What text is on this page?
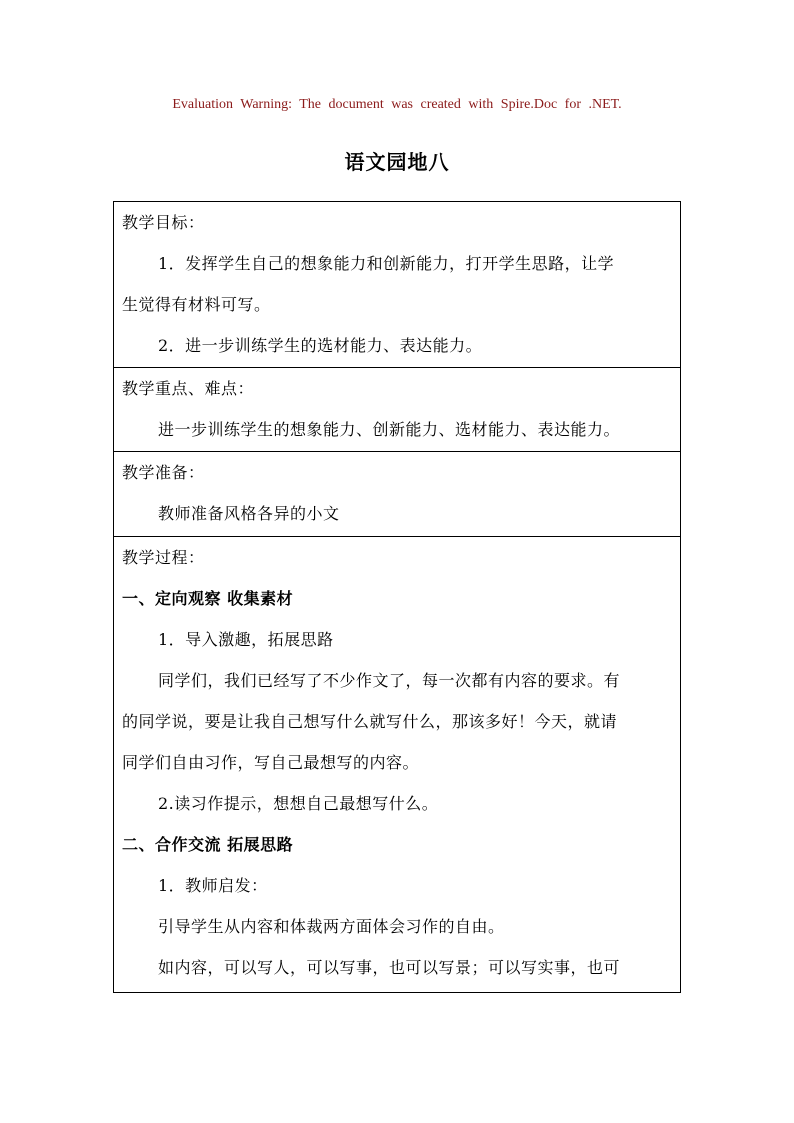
Evaluation Warning: The document was created with Spire.Doc for .NET.
语文园地八
教学目标：
1．发挥学生自己的想象能力和创新能力，打开学生思路，让学
生觉得有材料可写。
2．进一步训练学生的选材能力、表达能力。
教学重点、难点：
进一步训练学生的想象能力、创新能力、选材能力、表达能力。
教学准备：
教师准备风格各异的小文
教学过程：
一、定向观察 收集素材
1．导入激趣，拓展思路
同学们，我们已经写了不少作文了，每一次都有内容的要求。有
的同学说，要是让我自己想写什么就写什么，那该多好！今天，就请
同学们自由习作，写自己最想写的内容。
2.读习作提示，想想自己最想写什么。
二、合作交流 拓展思路
1．教师启发：
引导学生从内容和体裁两方面体会习作的自由。
如内容，可以写人，可以写事，也可以写景；可以写实事，也可
